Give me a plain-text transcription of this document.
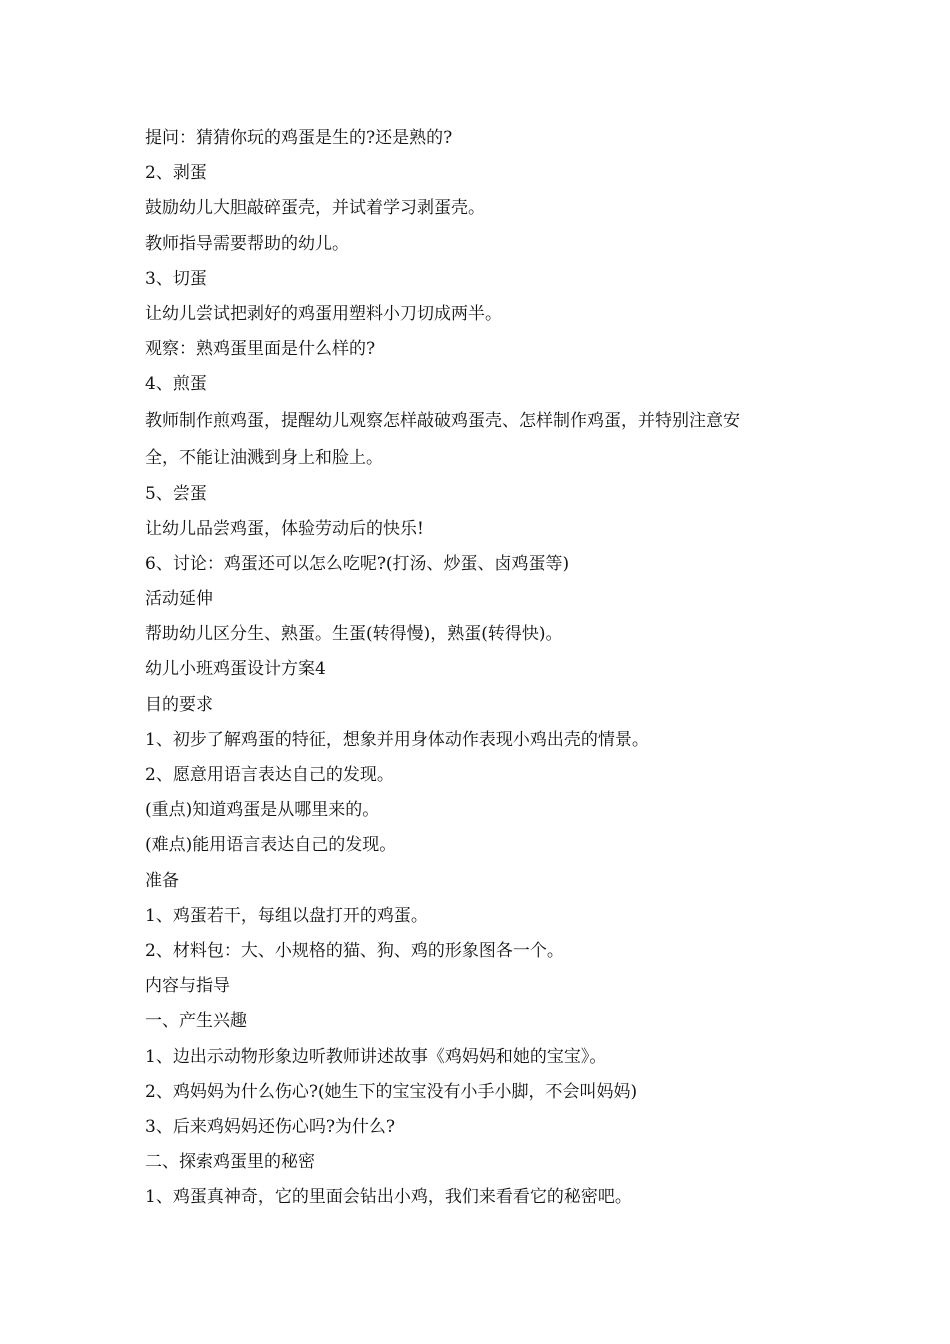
提问：猜猜你玩的鸡蛋是生的?还是熟的?

2、剥蛋

鼓励幼儿大胆敲碎蛋壳，并试着学习剥蛋壳。

教师指导需要帮助的幼儿。

3、切蛋

让幼儿尝试把剥好的鸡蛋用塑料小刀切成两半。

观察：熟鸡蛋里面是什么样的?

4、煎蛋

教师制作煎鸡蛋，提醒幼儿观察怎样敲破鸡蛋壳、怎样制作鸡蛋，并特别注意安

全，不能让油溅到身上和脸上。

5、尝蛋

让幼儿品尝鸡蛋，体验劳动后的快乐!

6、讨论：鸡蛋还可以怎么吃呢?(打汤、炒蛋、卤鸡蛋等)

活动延伸

帮助幼儿区分生、熟蛋。生蛋(转得慢)，熟蛋(转得快)。

幼儿小班鸡蛋设计方案4

目的要求

1、初步了解鸡蛋的特征，想象并用身体动作表现小鸡出壳的情景。

2、愿意用语言表达自己的发现。

(重点)知道鸡蛋是从哪里来的。

(难点)能用语言表达自己的发现。

准备

1、鸡蛋若干，每组以盘打开的鸡蛋。

2、材料包：大、小规格的猫、狗、鸡的形象图各一个。

内容与指导

一、产生兴趣

1、边出示动物形象边听教师讲述故事《鸡妈妈和她的宝宝》。

2、鸡妈妈为什么伤心?(她生下的宝宝没有小手小脚，不会叫妈妈)

3、后来鸡妈妈还伤心吗?为什么?

二、探索鸡蛋里的秘密

1、鸡蛋真神奇，它的里面会钻出小鸡，我们来看看它的秘密吧。
